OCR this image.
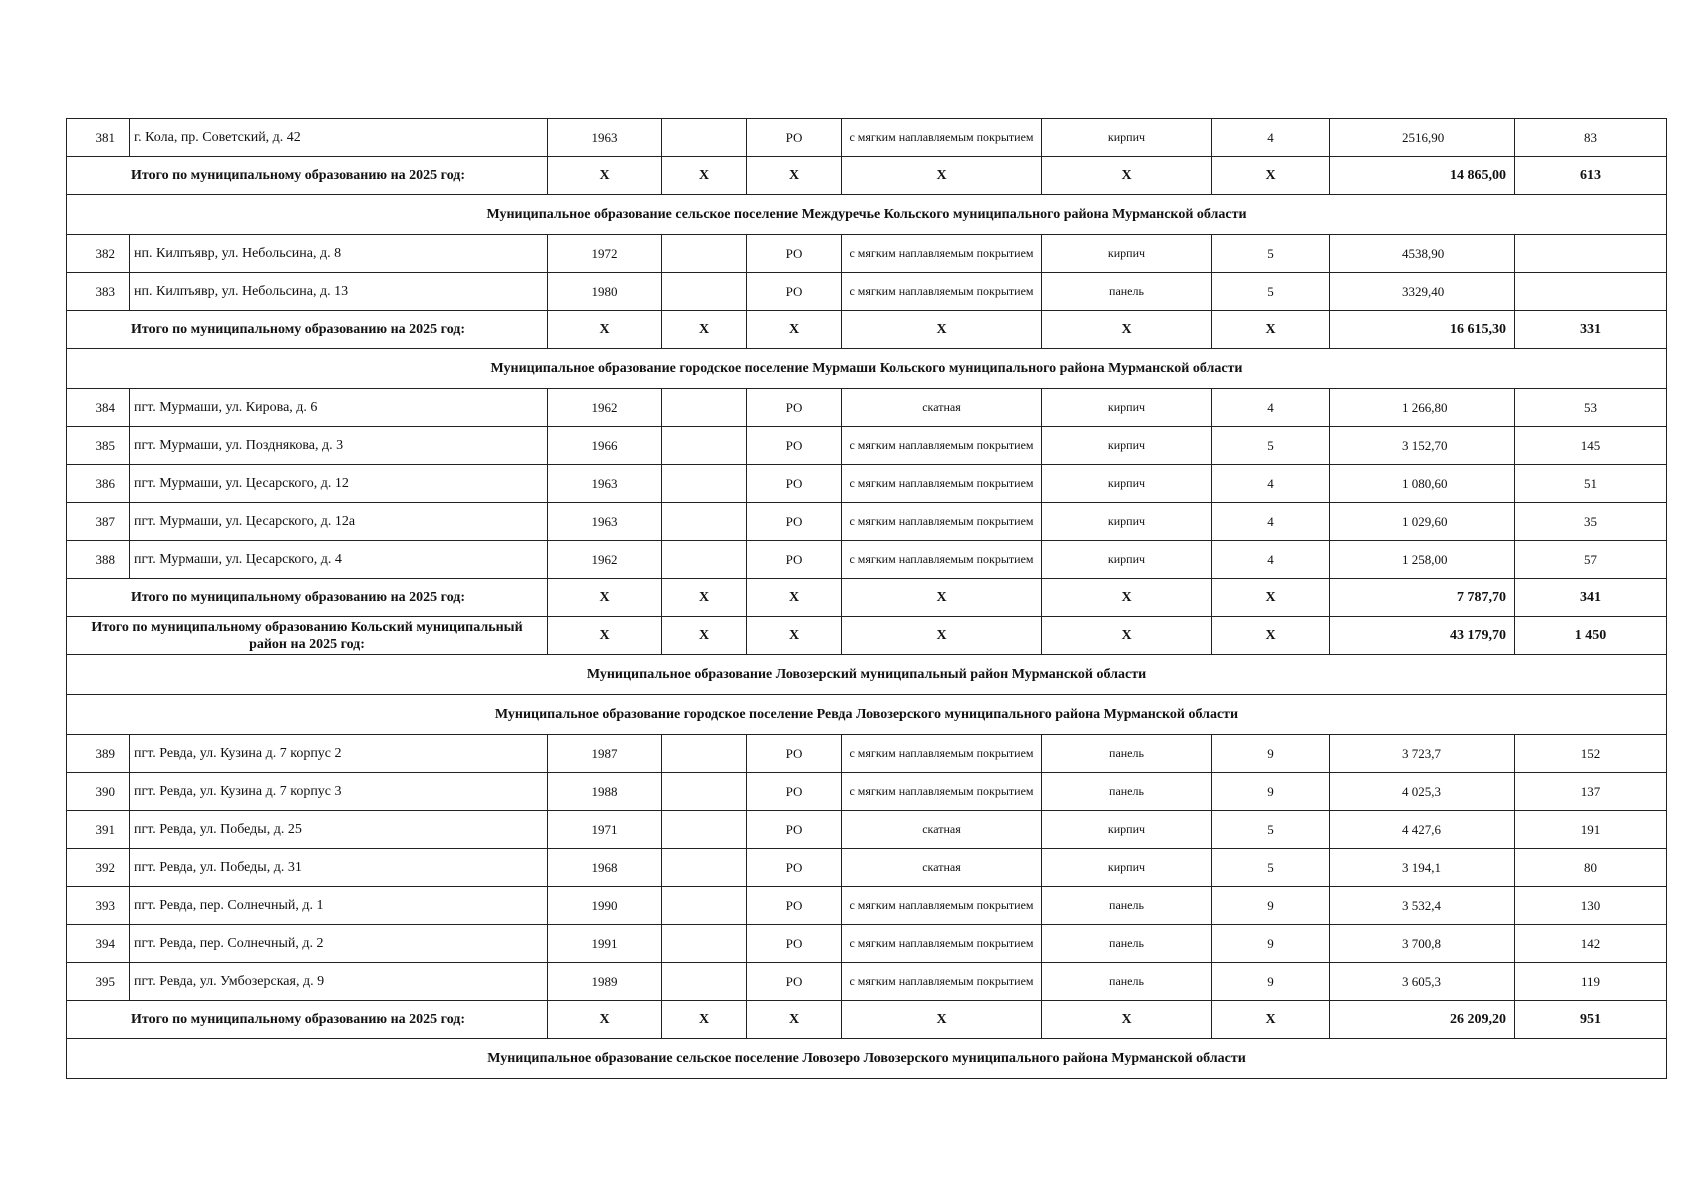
381	г. Кола, пр. Советский, д. 42	1963		РО	с мягким наплавляемым покрытием	кирпич	4	2516,90	83
Итого по муниципальному образованию на 2025 год:		X	X	X	X	X	X	14 865,00	613
Муниципальное образование сельское поселение Междуречье Кольского муниципального района Мурманской области									
382	нп. Килпъявр, ул. Небольсина, д. 8	1972		РО	с мягким наплавляемым покрытием	кирпич	5	4538,90	
383	нп. Килпъявр, ул. Небольсина, д. 13	1980		РО	с мягким наплавляемым покрытием	панель	5	3329,40	
Итого по муниципальному образованию на 2025 год:		X	X	X	X	X	X	16 615,30	331
Муниципальное образование городское поселение Мурмаши Кольского муниципального района Мурманской области									
384	пгт. Мурмаши, ул. Кирова, д. 6	1962		РО	скатная	кирпич	4	1 266,80	53
385	пгт. Мурмаши, ул. Позднякова, д. 3	1966		РО	с мягким наплавляемым покрытием	кирпич	5	3 152,70	145
386	пгт. Мурмаши, ул. Цесарского, д. 12	1963		РО	с мягким наплавляемым покрытием	кирпич	4	1 080,60	51
387	пгт. Мурмаши, ул. Цесарского, д. 12а	1963		РО	с мягким наплавляемым покрытием	кирпич	4	1 029,60	35
388	пгт. Мурмаши, ул. Цесарского, д. 4	1962		РО	с мягким наплавляемым покрытием	кирпич	4	1 258,00	57
Итого по муниципальному образованию на 2025 год:		X	X	X	X	X	X	7 787,70	341
Итого по муниципальному образованию Кольский муниципальный район на 2025 год:		X	X	X	X	X	X	43 179,70	1 450
Муниципальное образование Ловозерский муниципальный район Мурманской области									
Муниципальное образование городское поселение Ревда Ловозерского муниципального района Мурманской области									
389	пгт. Ревда, ул. Кузина д. 7 корпус 2	1987		РО	с мягким наплавляемым покрытием	панель	9	3 723,7	152
390	пгт. Ревда, ул. Кузина д. 7 корпус 3	1988		РО	с мягким наплавляемым покрытием	панель	9	4 025,3	137
391	пгт. Ревда, ул. Победы, д. 25	1971		РО	скатная	кирпич	5	4 427,6	191
392	пгт. Ревда, ул. Победы, д. 31	1968		РО	скатная	кирпич	5	3 194,1	80
393	пгт. Ревда, пер. Солнечный, д. 1	1990		РО	с мягким наплавляемым покрытием	панель	9	3 532,4	130
394	пгт. Ревда, пер. Солнечный, д. 2	1991		РО	с мягким наплавляемым покрытием	панель	9	3 700,8	142
395	пгт. Ревда, ул. Умбозерская, д. 9	1989		РО	с мягким наплавляемым покрытием	панель	9	3 605,3	119
Итого по муниципальному образованию на 2025 год:		X	X	X	X	X	X	26 209,20	951
Муниципальное образование сельское поселение Ловозеро Ловозерского муниципального района Мурманской области									
